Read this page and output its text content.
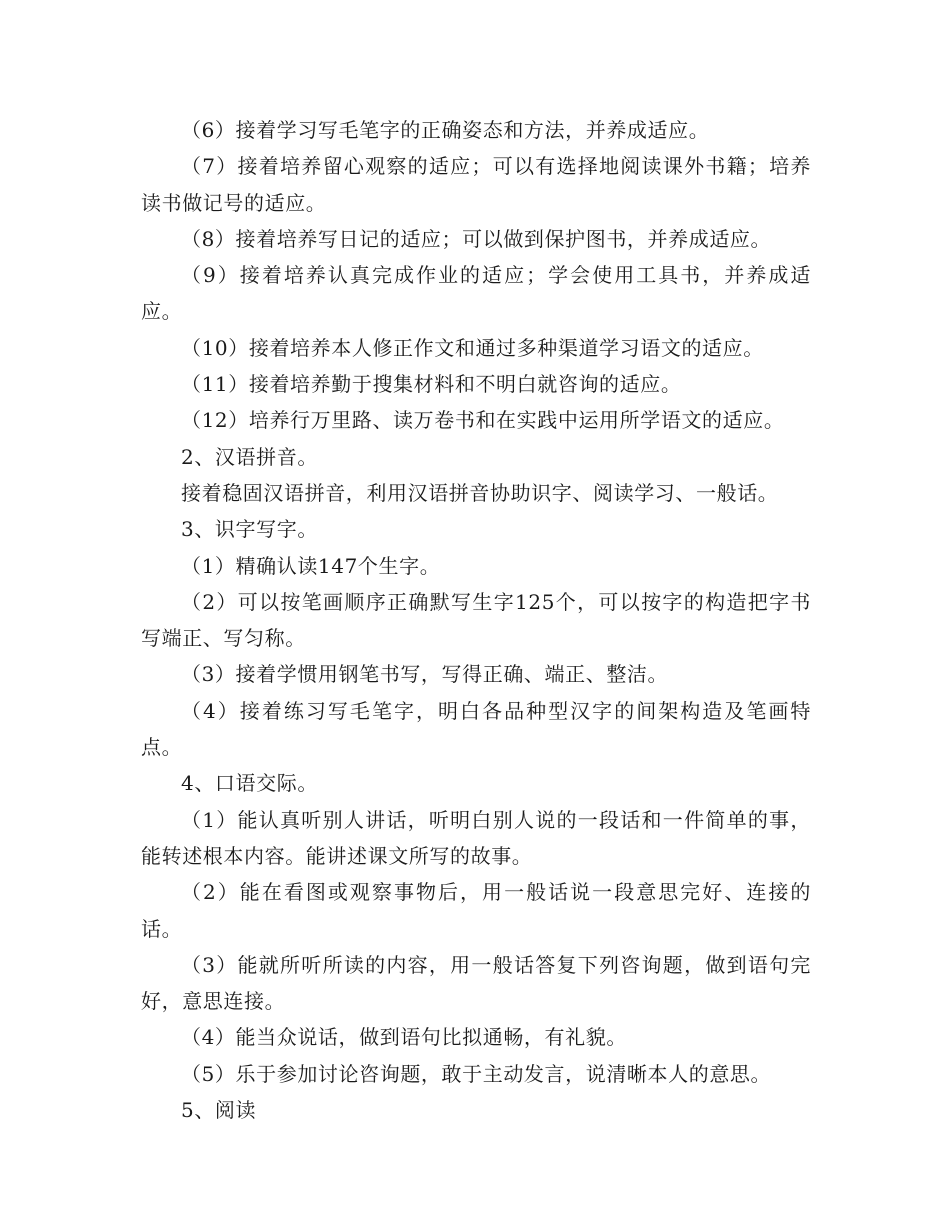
（6）接着学习写毛笔字的正确姿态和方法，并养成适应。

（7）接着培养留心观察的适应；可以有选择地阅读课外书籍；培养读书做记号的适应。

（8）接着培养写日记的适应；可以做到保护图书，并养成适应。

（9）接着培养认真完成作业的适应；学会使用工具书，并养成适应。

（10）接着培养本人修正作文和通过多种渠道学习语文的适应。

（11）接着培养勤于搜集材料和不明白就咨询的适应。

（12）培养行万里路、读万卷书和在实践中运用所学语文的适应。

2、汉语拼音。

接着稳固汉语拼音，利用汉语拼音协助识字、阅读学习、一般话。

3、识字写字。

（1）精确认读147个生字。

（2）可以按笔画顺序正确默写生字125个，可以按字的构造把字书写端正、写匀称。

（3）接着学惯用钢笔书写，写得正确、端正、整洁。

（4）接着练习写毛笔字，明白各品种型汉字的间架构造及笔画特点。

4、口语交际。

（1）能认真听别人讲话，听明白别人说的一段话和一件简单的事，能转述根本内容。能讲述课文所写的故事。

（2）能在看图或观察事物后，用一般话说一段意思完好、连接的话。

（3）能就所听所读的内容，用一般话答复下列咨询题，做到语句完好，意思连接。

（4）能当众说话，做到语句比拟通畅，有礼貌。

（5）乐于参加讨论咨询题，敢于主动发言，说清晰本人的意思。

5、阅读
